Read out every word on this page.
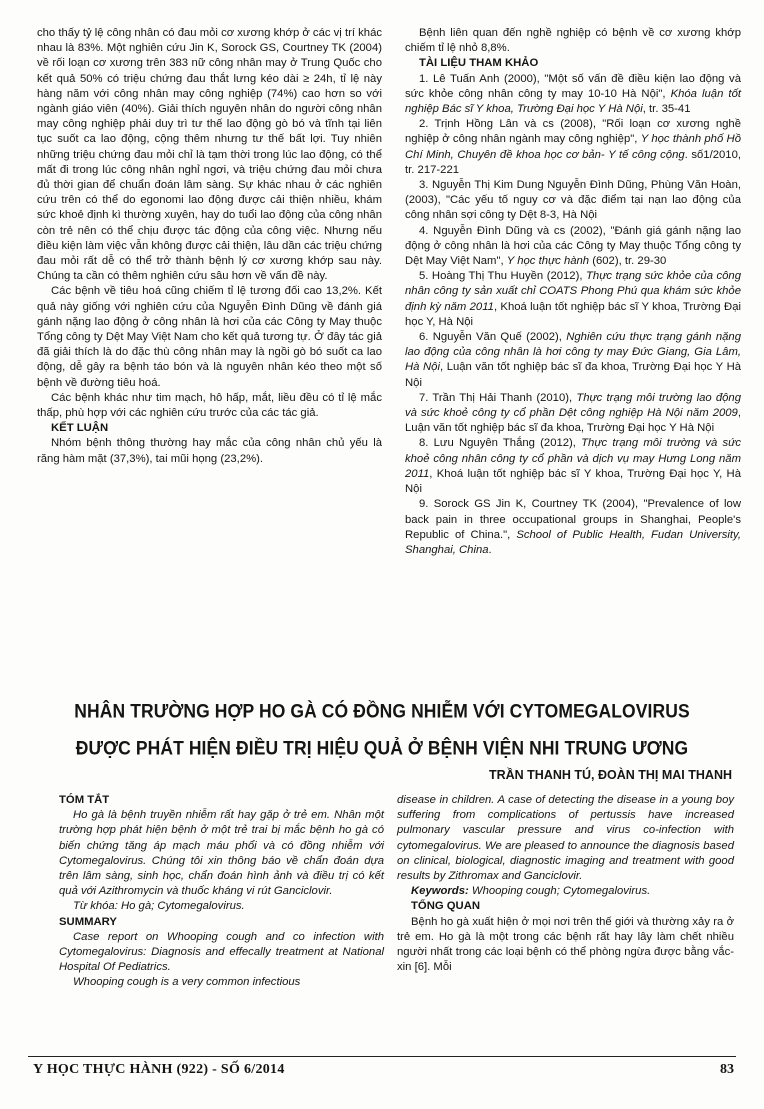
cho thấy tỷ lệ công nhân có đau mỏi cơ xương khớp ở các vị trí khác nhau là 83%. Một nghiên cứu Jin K, Sorock GS, Courtney TK (2004) về rối loạn cơ xương trên 383 nữ công nhân may ở Trung Quốc cho kết quả 50% có triệu chứng đau thắt lưng kéo dài ≥ 24h, tỉ lệ này hàng năm với công nhân may công nghiệp (74%) cao hơn so với ngành giáo viên (40%). Giải thích nguyên nhân do người công nhân may công nghiệp phải duy trì tư thế lao động gò bó và tĩnh tại liên tục suốt ca lao động, cộng thêm nhưng tư thế bất lợi. Tuy nhiên những triệu chứng đau mỏi chỉ là tạm thời trong lúc lao động, có thể mất đi trong lúc công nhân nghỉ ngơi, và triệu chứng đau mỏi chưa đủ thời gian để chuẩn đoán lâm sàng. Sự khác nhau ở các nghiên cứu trên có thể do egonomi lao động được cải thiện nhiều, khám sức khoẻ định kì thường xuyên, hay do tuổi lao động của công nhân còn trẻ nên có thể chịu được tác động của công việc. Nhưng nếu điều kiện làm việc vẫn không được cải thiện, lâu dần các triệu chứng đau mỏi rất dễ có thể trở thành bệnh lý cơ xương khớp sau này. Chúng ta cần có thêm nghiên cứu sâu hơn về vấn đề này.

Các bệnh về tiêu hoá cũng chiếm tỉ lệ tương đối cao 13,2%. Kết quả này giống với nghiên cứu của Nguyễn Đình Dũng về đánh giá gánh nặng lao động ở công nhân là hơi của các Công ty May thuộc Tổng công ty Dệt May Việt Nam cho kết quả tương tự. Ở đây tác giả đã giải thích là do đặc thù công nhân may là ngồi gò bó suốt ca lao động, dễ gây ra bệnh táo bón và là nguyên nhân kéo theo một số bệnh về đường tiêu hoá.

Các bệnh khác như tim mạch, hô hấp, mắt, liều đều có tỉ lệ mắc thấp, phù hợp với các nghiên cứu trước của các tác giả.

KẾT LUẬN

Nhóm bệnh thông thường hay mắc của công nhân chủ yếu là răng hàm mặt (37,3%), tai mũi họng (23,2%).

Bệnh liên quan đến nghề nghiệp có bệnh về cơ xương khớp chiếm tỉ lệ nhỏ 8,8%.

TÀI LIỆU THAM KHẢO

1. Lê Tuấn Anh (2000), "Một số vấn đề điều kiện lao động và sức khỏe công nhân công ty may 10-10 Hà Nội", Khóa luận tốt nghiệp Bác sĩ Y khoa, Trường Đại học Y Hà Nội, tr. 35-41

2. Trịnh Hồng Lân và cs (2008), "Rối loạn cơ xương nghề nghiệp ở công nhân ngành may công nghiệp", Y học thành phố Hồ Chí Minh, Chuyên đề khoa học cơ bản- Y tế công cộng. số1/2010, tr. 217-221

3. Nguyễn Thị Kim Dung Nguyễn Đình Dũng, Phùng Văn Hoàn, (2003), "Các yếu tố nguy cơ và đặc điểm tại nạn lao động của công nhân sợi công ty Dệt 8-3, Hà Nội

4. Nguyễn Đình Dũng và cs (2002), "Đánh giá gánh nặng lao động ở công nhân là hơi của các Công ty May thuộc Tổng công ty Dệt May Việt Nam", Y học thực hành (602), tr. 29-30

5. Hoàng Thị Thu Huyền (2012), Thực trạng sức khỏe của công nhân công ty sản xuất chỉ COATS Phong Phú qua khám sức khỏe định kỳ năm 2011, Khoá luận tốt nghiệp bác sĩ Y khoa, Trường Đại học Y, Hà Nội

6. Nguyễn Văn Quế (2002), Nghiên cứu thực trạng gánh nặng lao động của công nhân là hơi công ty may Đức Giang, Gia Lâm, Hà Nội, Luận văn tốt nghiệp bác sĩ đa khoa, Trường Đại học Y Hà Nội

7. Trần Thị Hải Thanh (2010), Thực trạng môi trường lao động và sức khoẻ công ty cổ phần Dệt công nghiệp Hà Nội năm 2009, Luận văn tốt nghiệp bác sĩ đa khoa, Trường Đại học Y Hà Nội

8. Lưu Nguyên Thắng (2012), Thực trạng môi trường và sức khoẻ công nhân công ty cổ phần và dịch vụ may Hưng Long năm 2011, Khoá luận tốt nghiệp bác sĩ Y khoa, Trường Đại học Y, Hà Nội

9. Sorock GS Jin K, Courtney TK (2004), "Prevalence of low back pain in three occupational groups in Shanghai, People's Republic of China.", School of Public Health, Fudan University, Shanghai, China.

NHÂN TRƯỜNG HỢP HO GÀ CÓ ĐỒNG NHIỄM VỚI CYTOMEGALOVIRUS
ĐƯỢC PHÁT HIỆN ĐIỀU TRỊ HIỆU QUẢ Ở BỆNH VIỆN NHI TRUNG ƯƠNG
TRẦN THANH TÚ, ĐOÀN THỊ MAI THANH

TÓM TẮT

Ho gà là bệnh truyền nhiễm rất hay gặp ở trẻ em. Nhân một trường hợp phát hiện bệnh ở một trẻ trai bị mắc bệnh ho gà có biến chứng tăng áp mạch máu phổi và có đồng nhiễm với Cytomegalovirus. Chúng tôi xin thông báo về chẩn đoán dựa trên lâm sàng, sinh học, chẩn đoán hình ảnh và điều trị có kết quả với Azithromycin và thuốc kháng vi rút Ganciclovir.

Từ khóa: Ho gà; Cytomegalovirus.

SUMMARY

Case report on Whooping cough and co infection with Cytomegalovirus: Diagnosis and effecally treatment at National Hospital Of Pediatrics.

Whooping cough is a very common infectious

disease in children. A case of detecting the disease in a young boy suffering from complications of pertussis have increased pulmonary vascular pressure and virus co-infection with cytomegalovirus. We are pleased to announce the diagnosis based on clinical, biological, diagnostic imaging and treatment with good results by Zithromax and Ganciclovir.

Keywords: Whooping cough; Cytomegalovirus.

TỔNG QUAN

Bệnh ho gà xuất hiện ở mọi nơi trên thế giới và thường xảy ra ở trẻ em. Ho gà là một trong các bệnh rất hay lây làm chết nhiều người nhất trong các loại bệnh có thể phòng ngừa được bằng vắc-xin [6]. Mỗi

Y HỌC THỰC HÀNH (922) - SỐ 6/2014	83
